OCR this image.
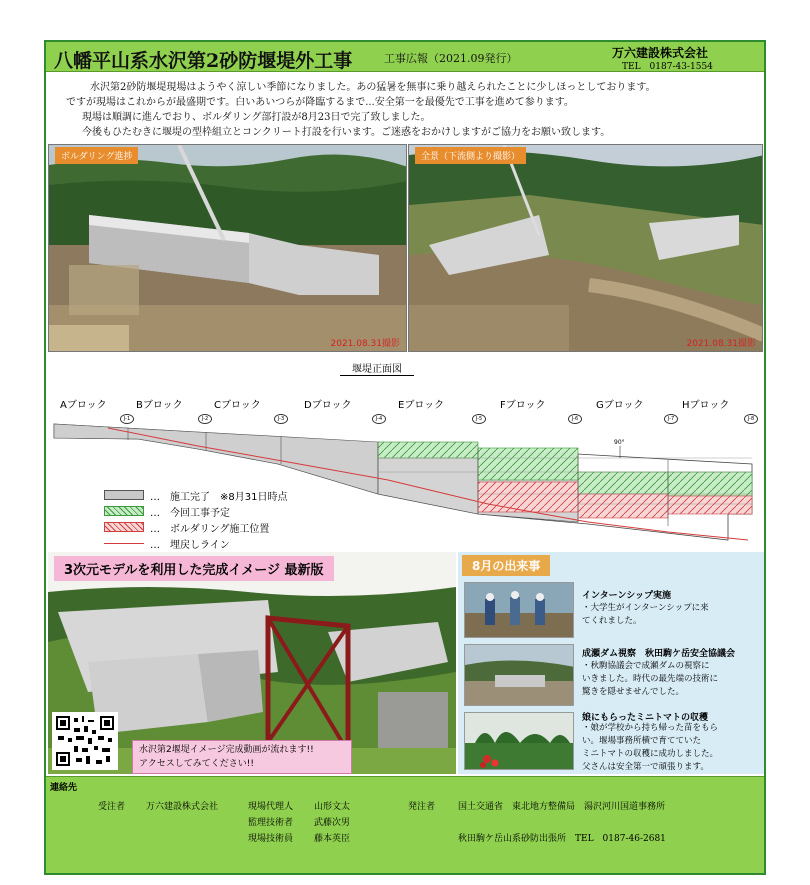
八幡平山系水沢第2砂防堰堤外工事	工事広報（2021.09発行）	万六建設株式会社
TEL　0187-43-1554

水沢第2砂防堰堤現場はようやく涼しい季節になりました。あの猛暑を無事に乗り越えられたことに少しほっとしております。

ですが現場はこれからが最盛期です。白いあいつらが降臨するまで...安全第一を最優先で工事を進めて参ります。

現場は順調に進んでおり、ボルダリング部打設が8月23日で完了致しました。

今後もひたむきに堰堤の型枠組立とコンクリート打設を行います。ご迷惑をおかけしますがご協力をお願い致します。

ボルダリング進捗
2021.08.31撮影
全景（下流側より撮影）
2021.08.31撮影
堰堤正面図
Aブロック	Bブロック	Cブロック	Dブロック	Eブロック	Fブロック	Gブロック	Hブロック
J-1	J-2	J-3	J-4	J-5	J-6	J-7	J-8
90°
…　施工完了　※8月31日時点
…　今回工事予定
…　ボルダリング施工位置
…　埋戻しライン
3次元モデルを利用した完成イメージ 最新版
水沢第2堰堤イメージ完成動画が流れます!!
アクセスしてみてください!!
8月の出来事
インターンシップ実施

・大学生がインターンシップに来

てくれました。

成瀬ダム視察　秋田駒ケ岳安全協議会

・秋駒協議会で成瀬ダムの視察に

いきました。時代の最先端の技術に

驚きを隠せませんでした。

娘にもらったミニトマトの収穫

・娘が学校から持ち帰った苗をもら

い。堰場事務所横で育てていた

ミニトマトの収穫に成功しました。

父さんは安全第一で頑張ります。

連絡先
受注者 万六建設株式会社	現場代理人 山形文太
監理技術者 武藤次男
現場技術員 藤本英臣
発注者	国土交通省　東北地方整備局　湯沢河川国道事務所
秋田駒ケ岳山系砂防出張所　TEL　0187-46-2681
